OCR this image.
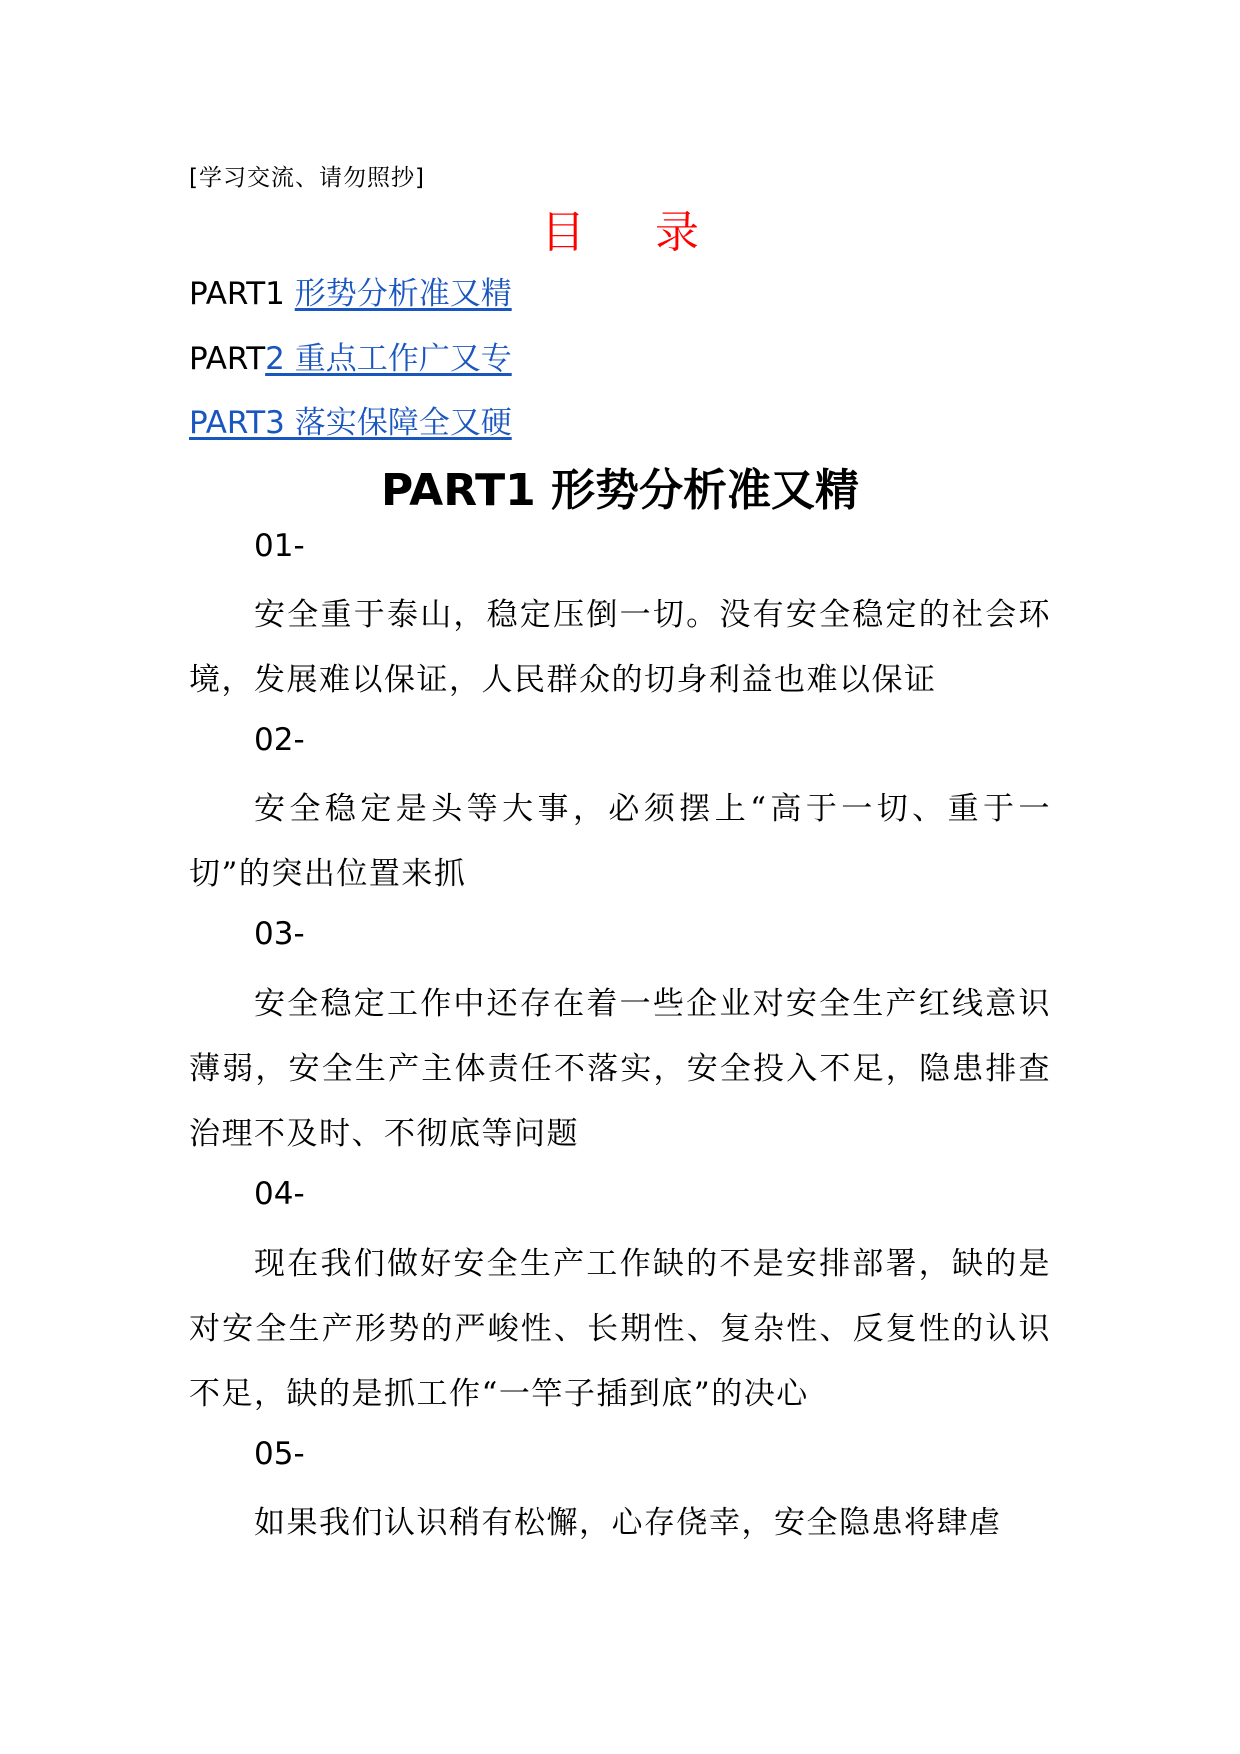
[学习交流、请勿照抄]
目 录
PART1 形势分析准又精
PART2 重点工作广又专
PART3 落实保障全又硬
PART1 形势分析准又精
01-
安全重于泰山，稳定压倒一切。没有安全稳定的社会环境，发展难以保证，人民群众的切身利益也难以保证
02-
安全稳定是头等大事，必须摆上“高于一切、重于一切”的突出位置来抓
03-
安全稳定工作中还存在着一些企业对安全生产红线意识薄弱，安全生产主体责任不落实，安全投入不足，隐患排查治理不及时、不彻底等问题
04-
现在我们做好安全生产工作缺的不是安排部署，缺的是对安全生产形势的严峻性、长期性、复杂性、反复性的认识不足，缺的是抓工作“一竿子插到底”的决心
05-
如果我们认识稍有松懈，心存侥幸，安全隐患将肆虐
